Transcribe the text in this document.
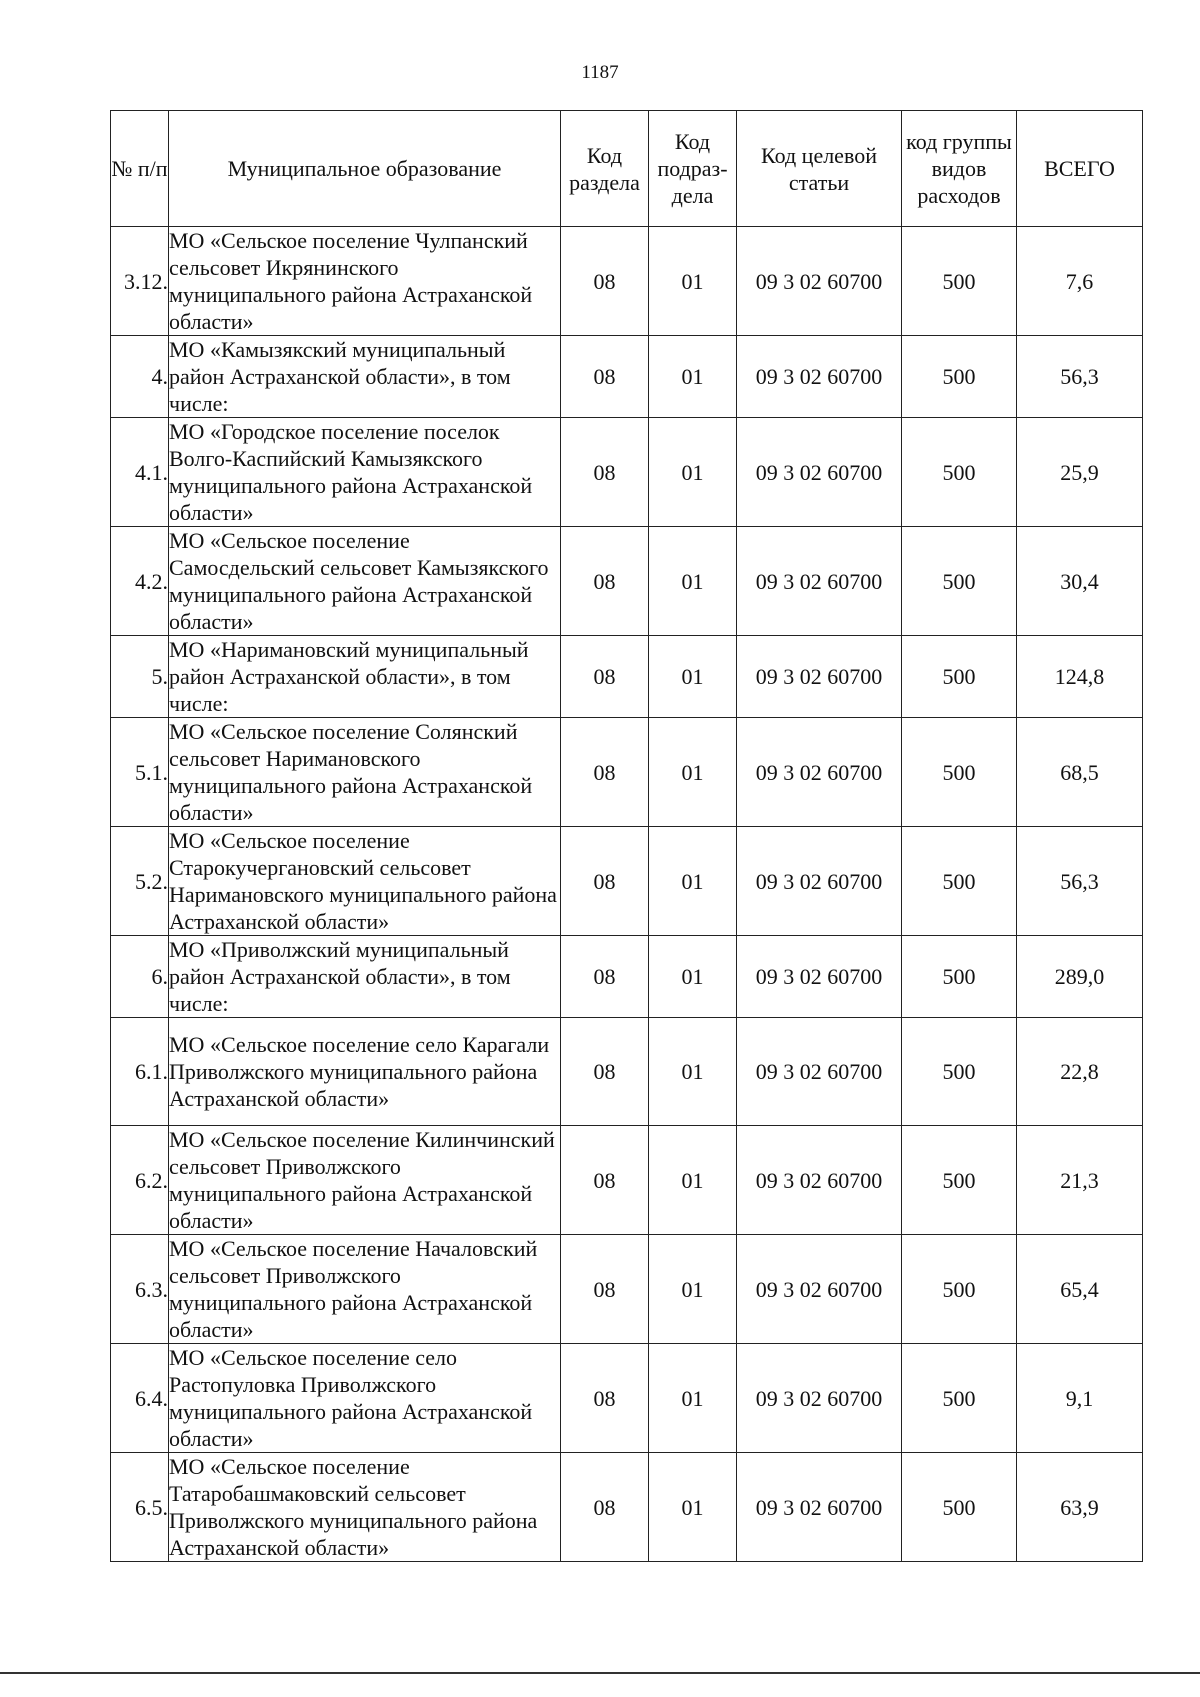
1187
№ п/п	Муниципальное образование	Код раздела	Код подраз-дела	Код целевой статьи	код группы видов расходов	ВСЕГО
3.12.	МО «Сельское поселение Чулпанский сельсовет Икрянинского муниципального района Астраханской области»	08	01	09 3 02 60700	500	7,6
4.	МО «Камызякский муниципальный район Астраханской области», в том числе:	08	01	09 3 02 60700	500	56,3
4.1.	МО «Городское поселение поселок Волго-Каспийский Камызякского муниципального района Астраханской области»	08	01	09 3 02 60700	500	25,9
4.2.	МО «Сельское поселение Самосдельский сельсовет Камызякского муниципального района Астраханской области»	08	01	09 3 02 60700	500	30,4
5.	МО «Наримановский муниципальный район Астраханской области», в том числе:	08	01	09 3 02 60700	500	124,8
5.1.	МО «Сельское поселение Солянский сельсовет Наримановского муниципального района Астраханской области»	08	01	09 3 02 60700	500	68,5
5.2.	МО «Сельское поселение Старокучергановский сельсовет Наримановского муниципального района Астраханской области»	08	01	09 3 02 60700	500	56,3
6.	МО «Приволжский муниципальный район Астраханской области», в том числе:	08	01	09 3 02 60700	500	289,0
6.1.	МО «Сельское поселение село Карагали Приволжского муниципального района Астраханской области»	08	01	09 3 02 60700	500	22,8
6.2.	МО «Сельское поселение Килинчинский сельсовет Приволжского муниципального района Астраханской области»	08	01	09 3 02 60700	500	21,3
6.3.	МО «Сельское поселение Началовский сельсовет Приволжского муниципального района Астраханской области»	08	01	09 3 02 60700	500	65,4
6.4.	МО «Сельское поселение село Растопуловка Приволжского муниципального района Астраханской области»	08	01	09 3 02 60700	500	9,1
6.5.	МО «Сельское поселение Татаробашмаковский сельсовет Приволжского муниципального района Астраханской области»	08	01	09 3 02 60700	500	63,9
